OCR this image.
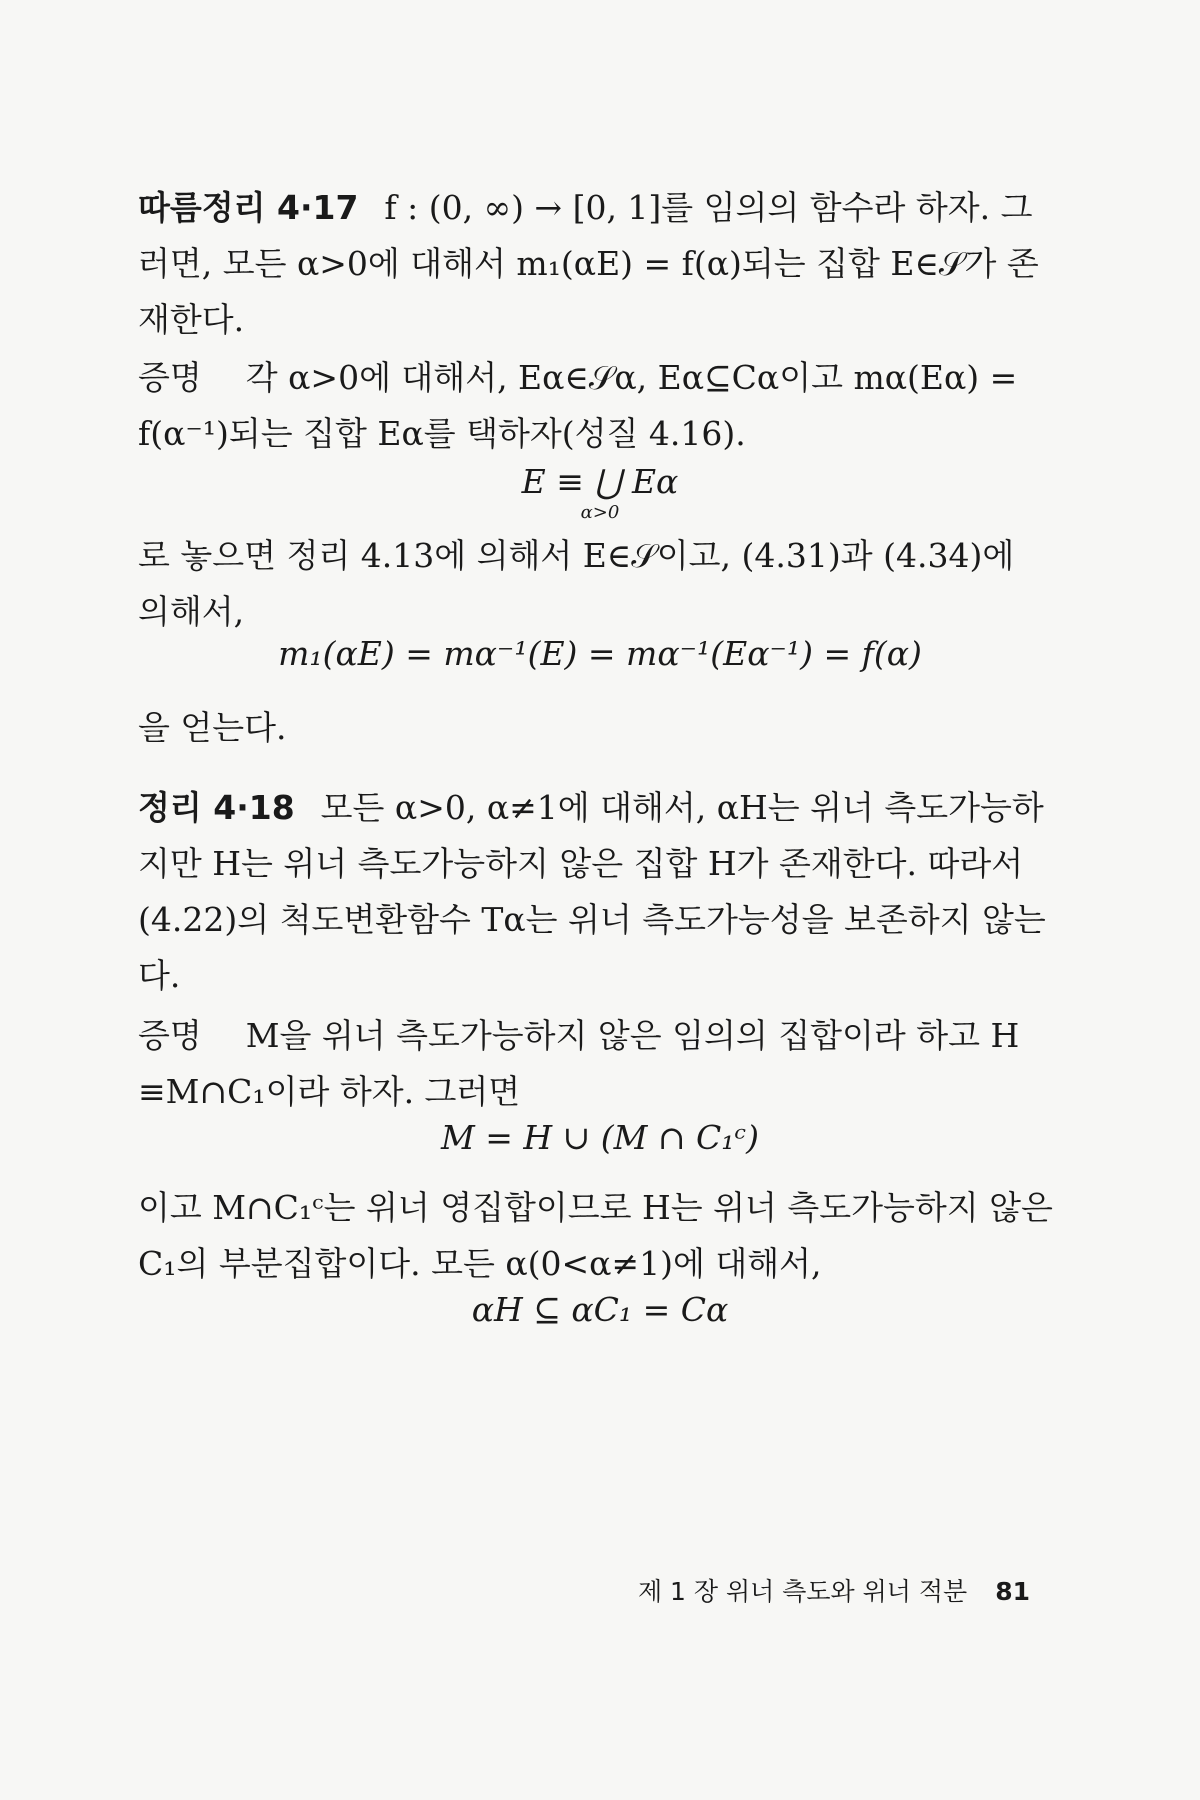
따름정리 4·17 f : (0, ∞) → [0, 1]를 임의의 함수라 하자. 그
러면, 모든 α>0에 대해서 m₁(αE) = f(α)되는 집합 E∈𝒮가 존
재한다.
증명 각 α>0에 대해서, Eα∈𝒮α, Eα⊆Cα이고 mα(Eα) =
f(α⁻¹)되는 집합 Eα를 택하자(성질 4.16).
E ≡ ⋃ Eα
α>0
로 놓으면 정리 4.13에 의해서 E∈𝒮이고, (4.31)과 (4.34)에
의해서,
m₁(αE) = mα⁻¹(E) = mα⁻¹(Eα⁻¹) = f(α)
을 얻는다.
정리 4·18 모든 α>0, α≠1에 대해서, αH는 위너 측도가능하
지만 H는 위너 측도가능하지 않은 집합 H가 존재한다. 따라서
(4.22)의 척도변환함수 Tα는 위너 측도가능성을 보존하지 않는
다.
증명 M을 위너 측도가능하지 않은 임의의 집합이라 하고 H
≡M∩C₁이라 하자. 그러면
M = H ∪ (M ∩ C₁ᶜ)
이고 M∩C₁ᶜ는 위너 영집합이므로 H는 위너 측도가능하지 않은
C₁의 부분집합이다. 모든 α(0<α≠1)에 대해서,
αH ⊆ αC₁ = Cα
제 1 장 위너 측도와 위너 적분 81
